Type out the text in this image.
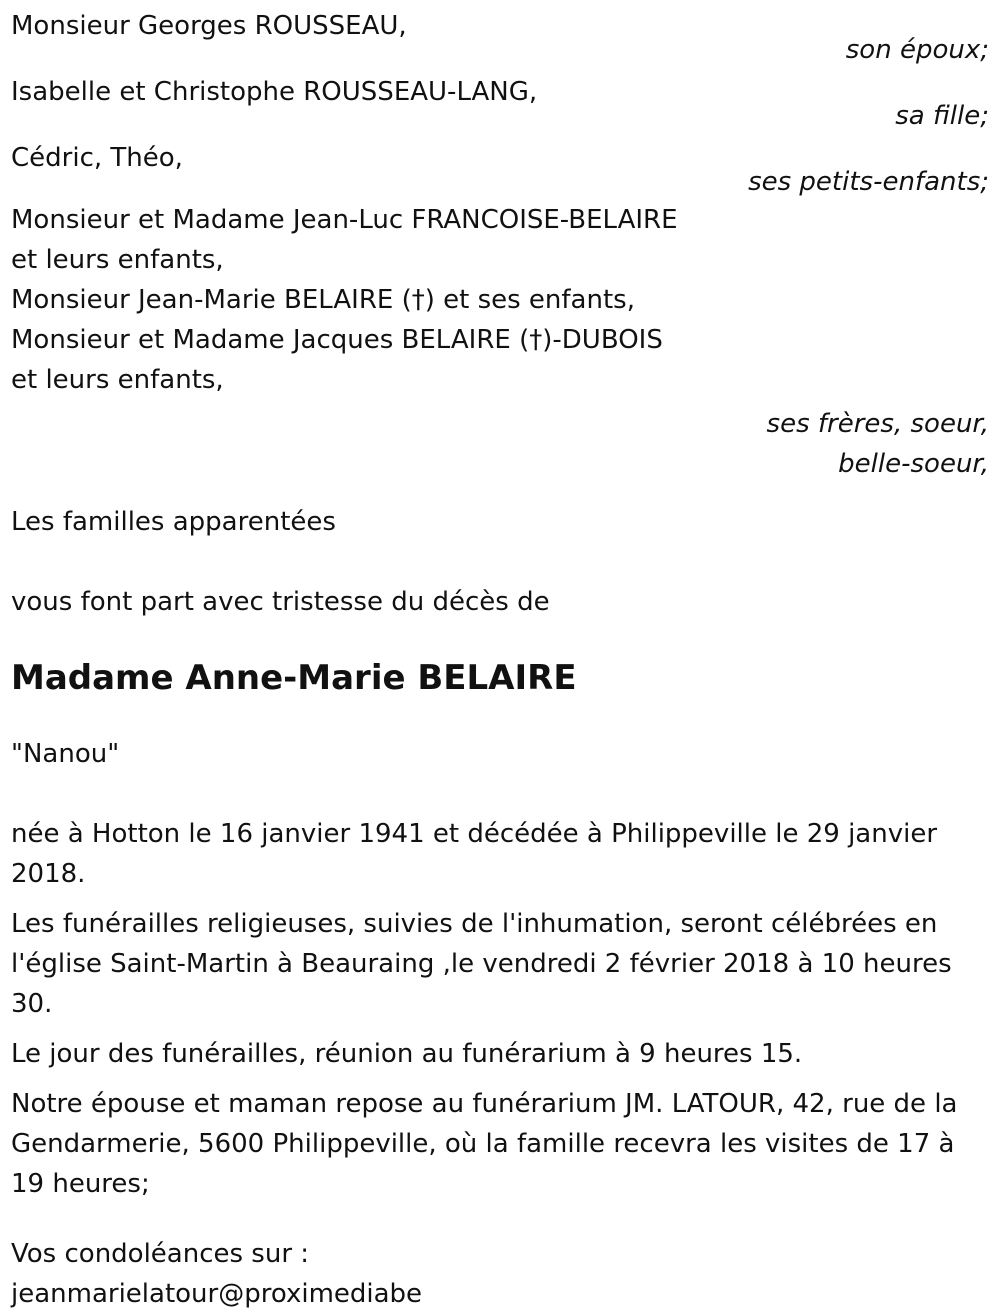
Monsieur Georges ROUSSEAU,
son époux;
Isabelle et Christophe ROUSSEAU-LANG,
sa fille;
Cédric, Théo,
ses petits-enfants;
Monsieur et Madame Jean-Luc FRANCOISE-BELAIRE
et leurs enfants,
Monsieur Jean-Marie BELAIRE (†) et ses enfants,
Monsieur et Madame Jacques BELAIRE (†)-DUBOIS
et leurs enfants,
ses frères, soeur,
belle-soeur,
Les familles apparentées
vous font part avec tristesse du décès de
Madame Anne-Marie BELAIRE
"Nanou"
née à Hotton le 16 janvier 1941 et décédée à Philippeville le 29 janvier 2018.
Les funérailles religieuses, suivies de l'inhumation, seront célébrées en l'église Saint-Martin à Beauraing ,le vendredi 2 février 2018 à 10 heures 30.
Le jour des funérailles, réunion au funérarium à 9 heures 15.
Notre épouse et maman repose au funérarium JM. LATOUR, 42, rue de la Gendarmerie, 5600 Philippeville, où la famille recevra les visites de 17 à 19 heures;
Vos condoléances sur :
jeanmarielatour@proximediabe
